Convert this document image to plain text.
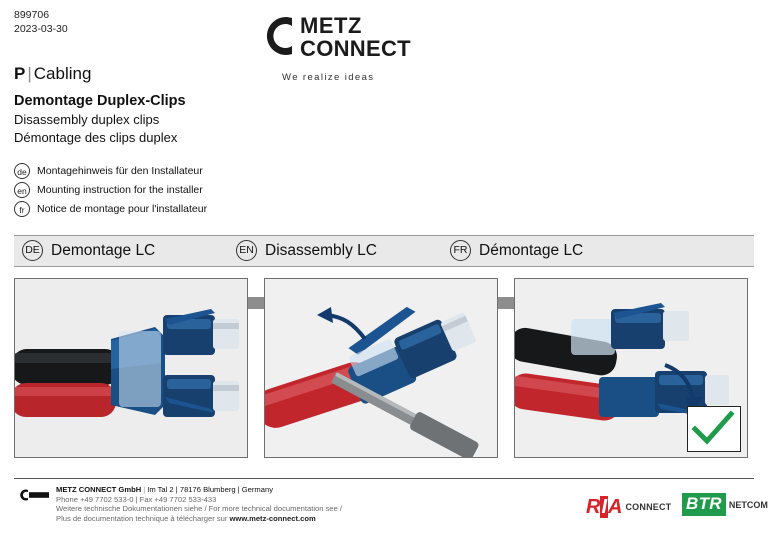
899706
2023-03-30	METZ
CONNECT
We realize ideas
P | Cabling
Demontage Duplex-Clips
Disassembly duplex clips
Démontage des clips duplex
de Montagehinweis für den Installateur
en Mounting instruction for the installer
fr	Notice de montage pour l'installateur
DE Demontage LC	EN Disassembly LC	FR Démontage LC
METZ CONNECT GmbH | Im Tal 2 | 78176 Blumberg | Germany
Phone +49 7702 533-0 | Fax +49 7702 533-433
Weitere technische Dokumentationen siehe / For more technical documentation see /
Plus de documentation technique à télécharger sur www.metz-connect.com
RIA CONNECT BTR NETCOM
